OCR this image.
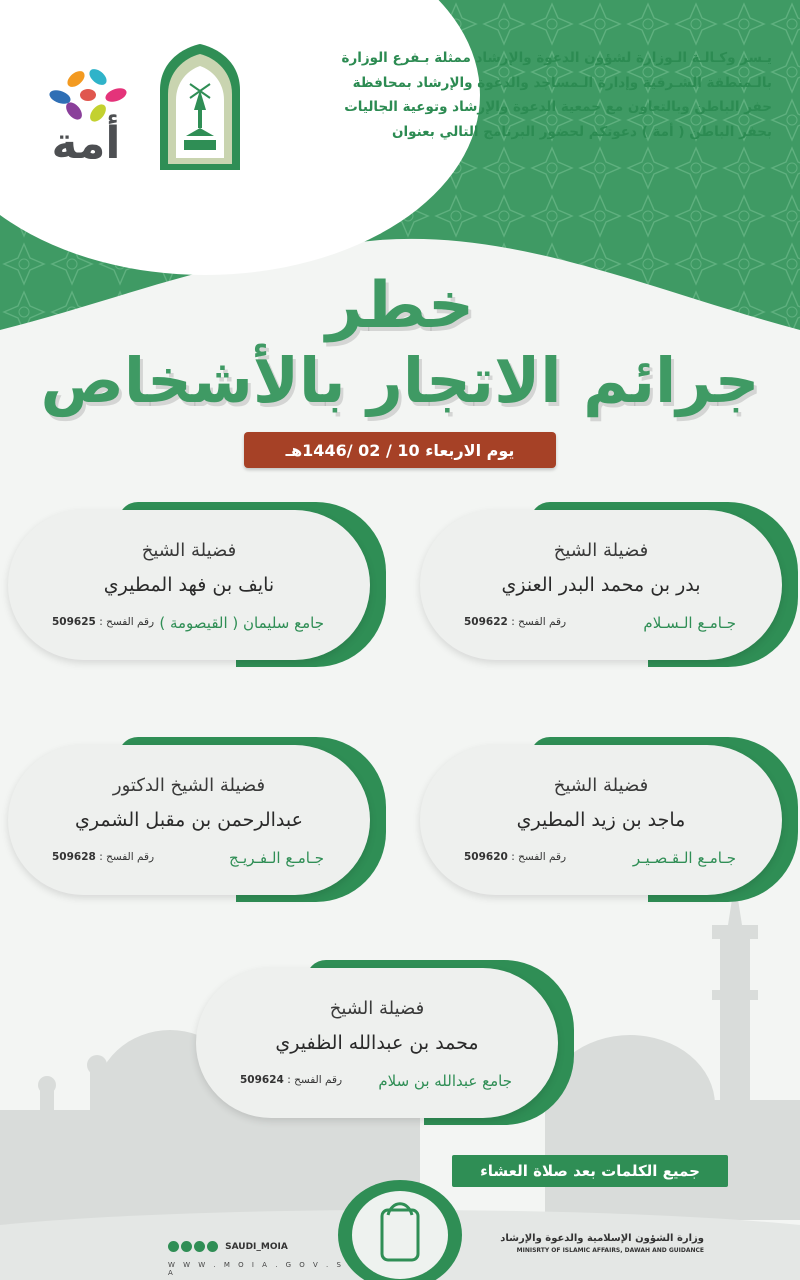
يـسر وكـالـة الـوزارة لشؤون الدعوة والإرشاد ممثلة بـفرع الوزارة
بالـمنطقة الشـرقية وإدارة الـمساجد والدعوة والإرشاد بمحافظة
حفر الباطن وبالتعاون مع جمعية الدعوة والإرشاد وتوعية الجاليات
بحفر الباطن ( أمة ) دعوتكم لحضور البرنامج التالي بعنوان
أمة
خطر
جرائم الاتجار بالأشخاص
يوم الاربعاء 10 / 02 /1446هـ
فضيلة الشيخ
بدر بن محمد البدر العنزي
جـامـع الـسـلام
رقم الفسح : 509622
فضيلة الشيخ
نايف بن فهد المطيري
جامع سليمان ( القيصومة )
رقم الفسح : 509625
فضيلة الشيخ
ماجد بن زيد المطيري
جـامـع الـقـصـيـر
رقم الفسح : 509620
فضيلة الشيخ الدكتور
عبدالرحمن بن مقبل الشمري
جـامـع الـفـريـج
رقم الفسح : 509628
فضيلة الشيخ
محمد بن عبدالله الظفيري
جامع عبدالله بن سلام
رقم الفسح : 509624
جميع الكلمات بعد صلاة العشاء
وزارة الشؤون الإسلامية والدعوة والإرشاد
MINISRTY OF ISLAMIC AFFAIRS, DAWAH AND GUIDANCE
SAUDI_MOIA
W W W . M O I A . G O V . S A
